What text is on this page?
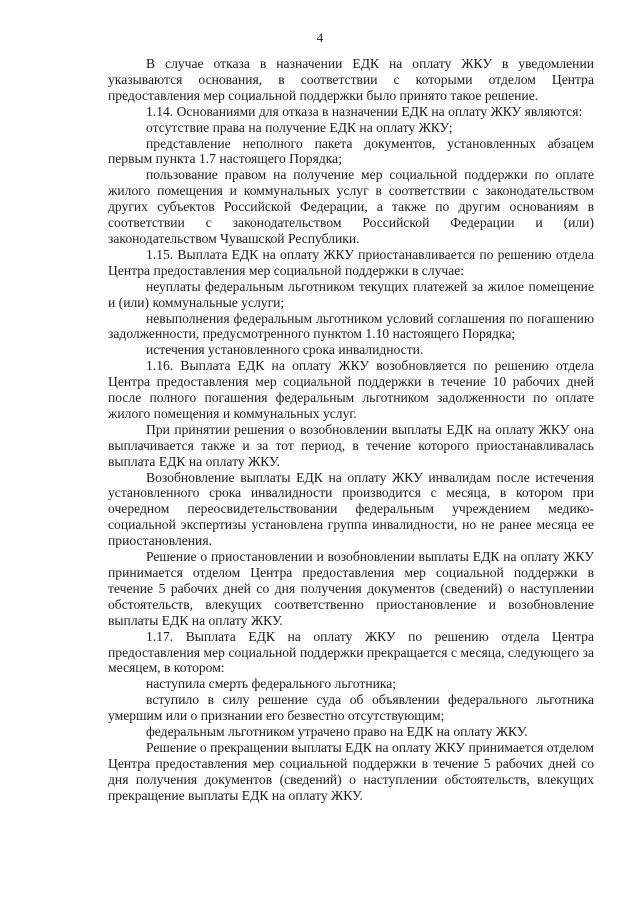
4

В случае отказа в назначении ЕДК на оплату ЖКУ в уведомлении указываются основания, в соответствии с которыми отделом Центра предоставления мер социальной поддержки было принято такое решение.

1.14. Основаниями для отказа в назначении ЕДК на оплату ЖКУ являются:

отсутствие права на получение ЕДК на оплату ЖКУ;

представление неполного пакета документов, установленных абзацем первым пункта 1.7 настоящего Порядка;

пользование правом на получение мер социальной поддержки по оплате жилого помещения и коммунальных услуг в соответствии с законодательством других субъектов Российской Федерации, а также по другим основаниям в соответствии с законодательством Российской Федерации и (или) законодательством Чувашской Республики.

1.15. Выплата ЕДК на оплату ЖКУ приостанавливается по решению отдела Центра предоставления мер социальной поддержки в случае:

неуплаты федеральным льготником текущих платежей за жилое помещение и (или) коммунальные услуги;

невыполнения федеральным льготником условий соглашения по погашению задолженности, предусмотренного пунктом 1.10 настоящего Порядка;

истечения установленного срока инвалидности.

1.16. Выплата ЕДК на оплату ЖКУ возобновляется по решению отдела Центра предоставления мер социальной поддержки в течение 10 рабочих дней после полного погашения федеральным льготником задолженности по оплате жилого помещения и коммунальных услуг.

При принятии решения о возобновлении выплаты ЕДК на оплату ЖКУ она выплачивается также и за тот период, в течение которого приостанавливалась выплата ЕДК на оплату ЖКУ.

Возобновление выплаты ЕДК на оплату ЖКУ инвалидам после истечения установленного срока инвалидности производится с месяца, в котором при очередном переосвидетельствовании федеральным учреждением медико-социальной экспертизы установлена группа инвалидности, но не ранее месяца ее приостановления.

Решение о приостановлении и возобновлении выплаты ЕДК на оплату ЖКУ принимается отделом Центра предоставления мер социальной поддержки в течение 5 рабочих дней со дня получения документов (сведений) о наступлении обстоятельств, влекущих соответственно приостановление и возобновление выплаты ЕДК на оплату ЖКУ.

1.17. Выплата ЕДК на оплату ЖКУ по решению отдела Центра предоставления мер социальной поддержки прекращается с месяца, следующего за месяцем, в котором:

наступила смерть федерального льготника;

вступило в силу решение суда об объявлении федерального льготника умершим или о признании его безвестно отсутствующим;

федеральным льготником утрачено право на ЕДК на оплату ЖКУ.

Решение о прекращении выплаты ЕДК на оплату ЖКУ принимается отделом Центра предоставления мер социальной поддержки в течение 5 рабочих дней со дня получения документов (сведений) о наступлении обстоятельств, влекущих прекращение выплаты ЕДК на оплату ЖКУ.
